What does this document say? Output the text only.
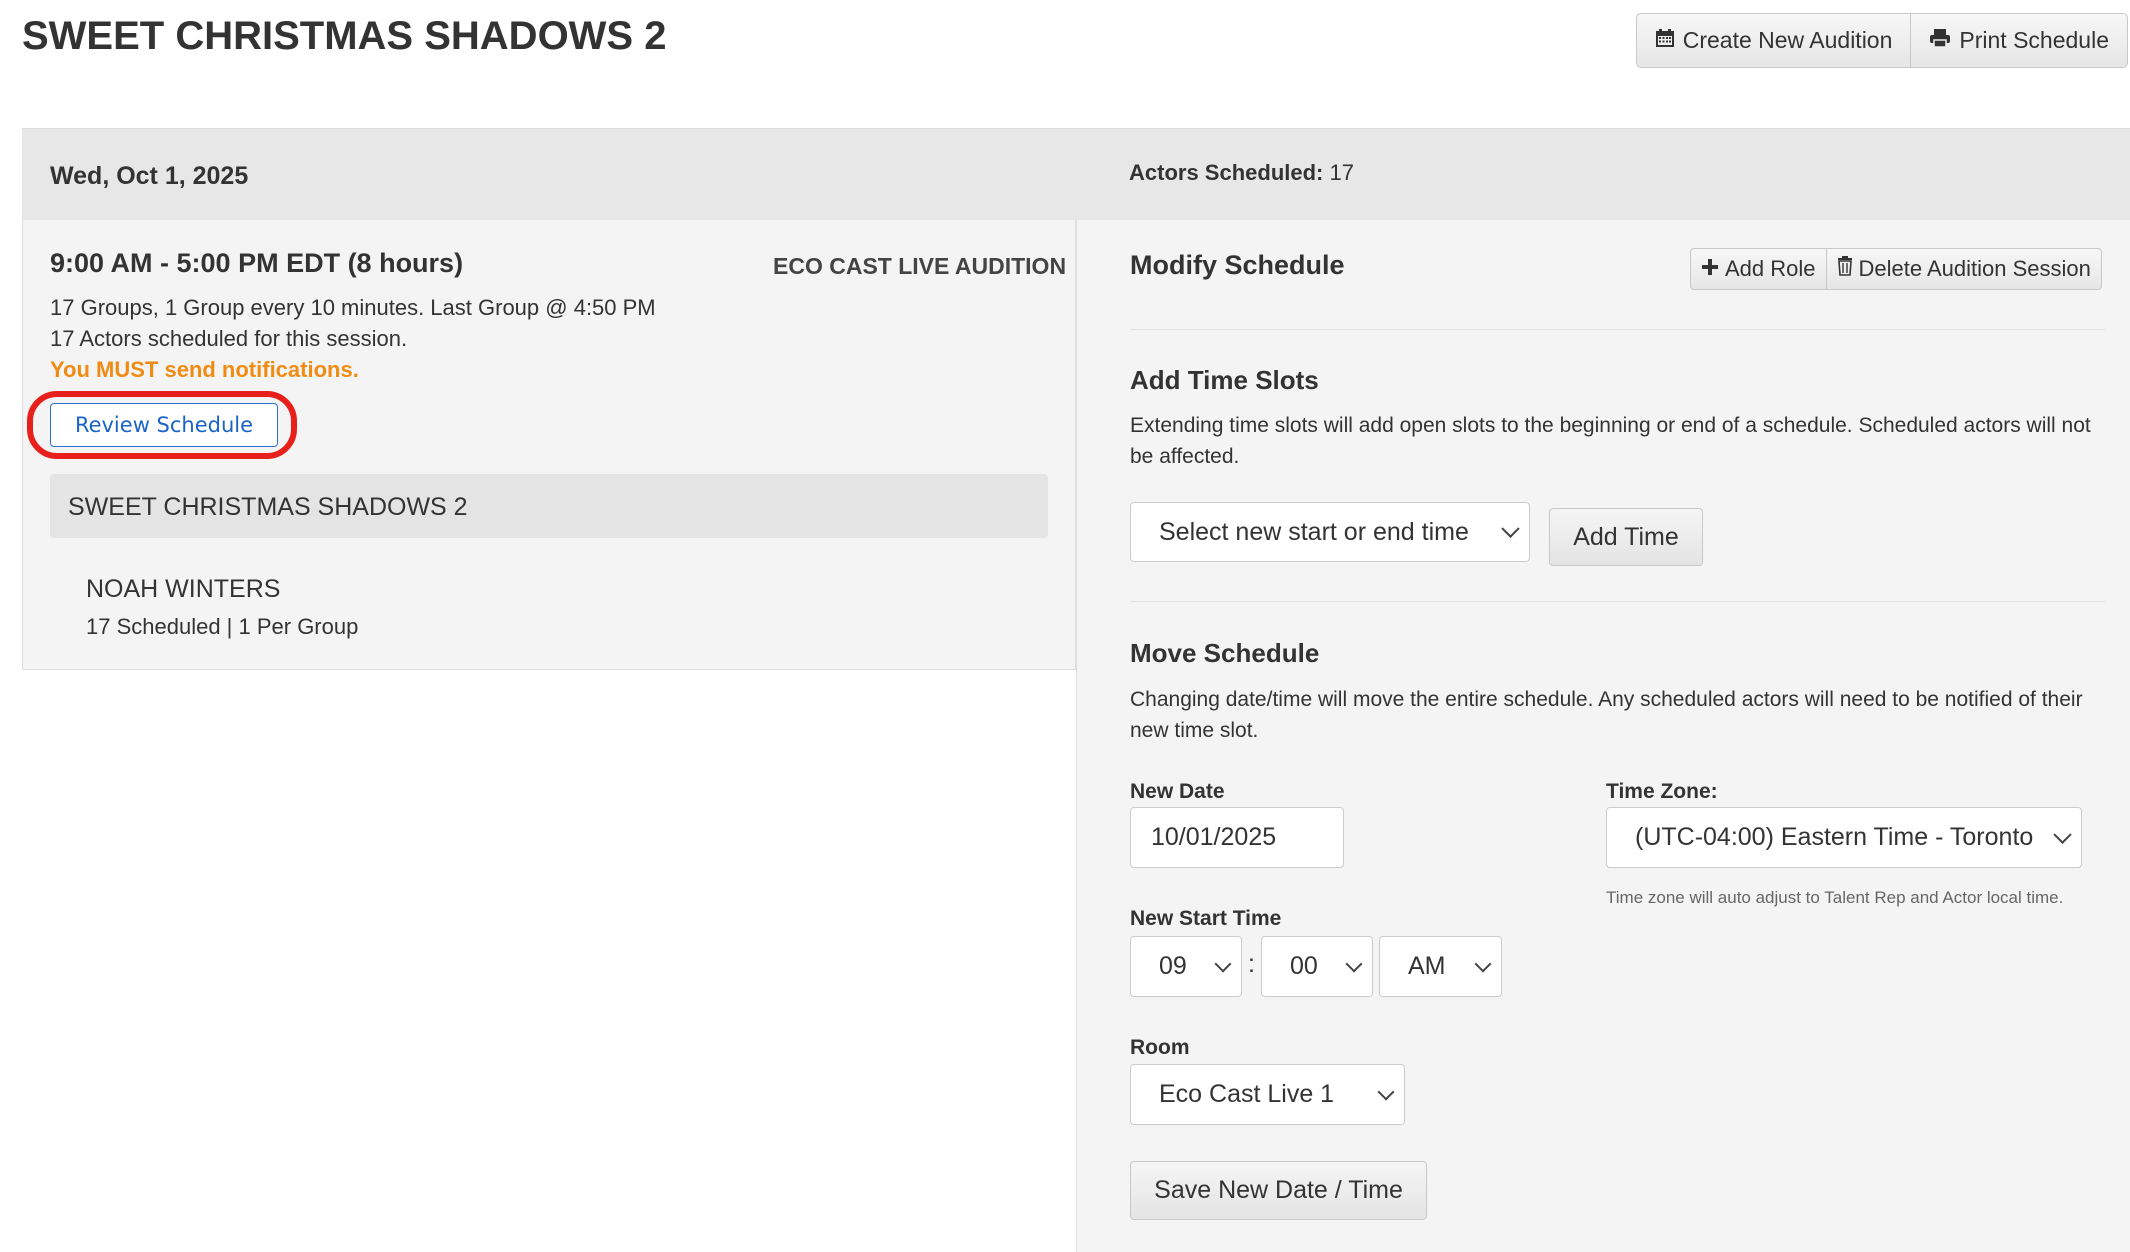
SWEET CHRISTMAS SHADOWS 2	Create New Audition	Print Schedule
Wed, Oct 1, 2025	Actors Scheduled: 17
9:00 AM - 5:00 PM EDT (8 hours)	ECO CAST LIVE AUDITION
17 Groups, 1 Group every 10 minutes. Last Group @ 4:50 PM
17 Actors scheduled for this session.
You MUST send notifications.
Review Schedule
SWEET CHRISTMAS SHADOWS 2
NOAH WINTERS
17 Scheduled | 1 Per Group
Modify Schedule	Add Role Delete Audition Session
Add Time Slots
Extending time slots will add open slots to the beginning or end of a schedule. Scheduled actors will not be affected.
Select new start or end time	Add Time
Move Schedule
Changing date/time will move the entire schedule. Any scheduled actors will need to be notified of their new time slot.
New Date
10/01/2025
Time Zone:
(UTC-04:00) Eastern Time - Toronto
Time zone will auto adjust to Talent Rep and Actor local time.
New Start Time
09 : 00	AM
Room
Eco Cast Live 1
Save New Date / Time
